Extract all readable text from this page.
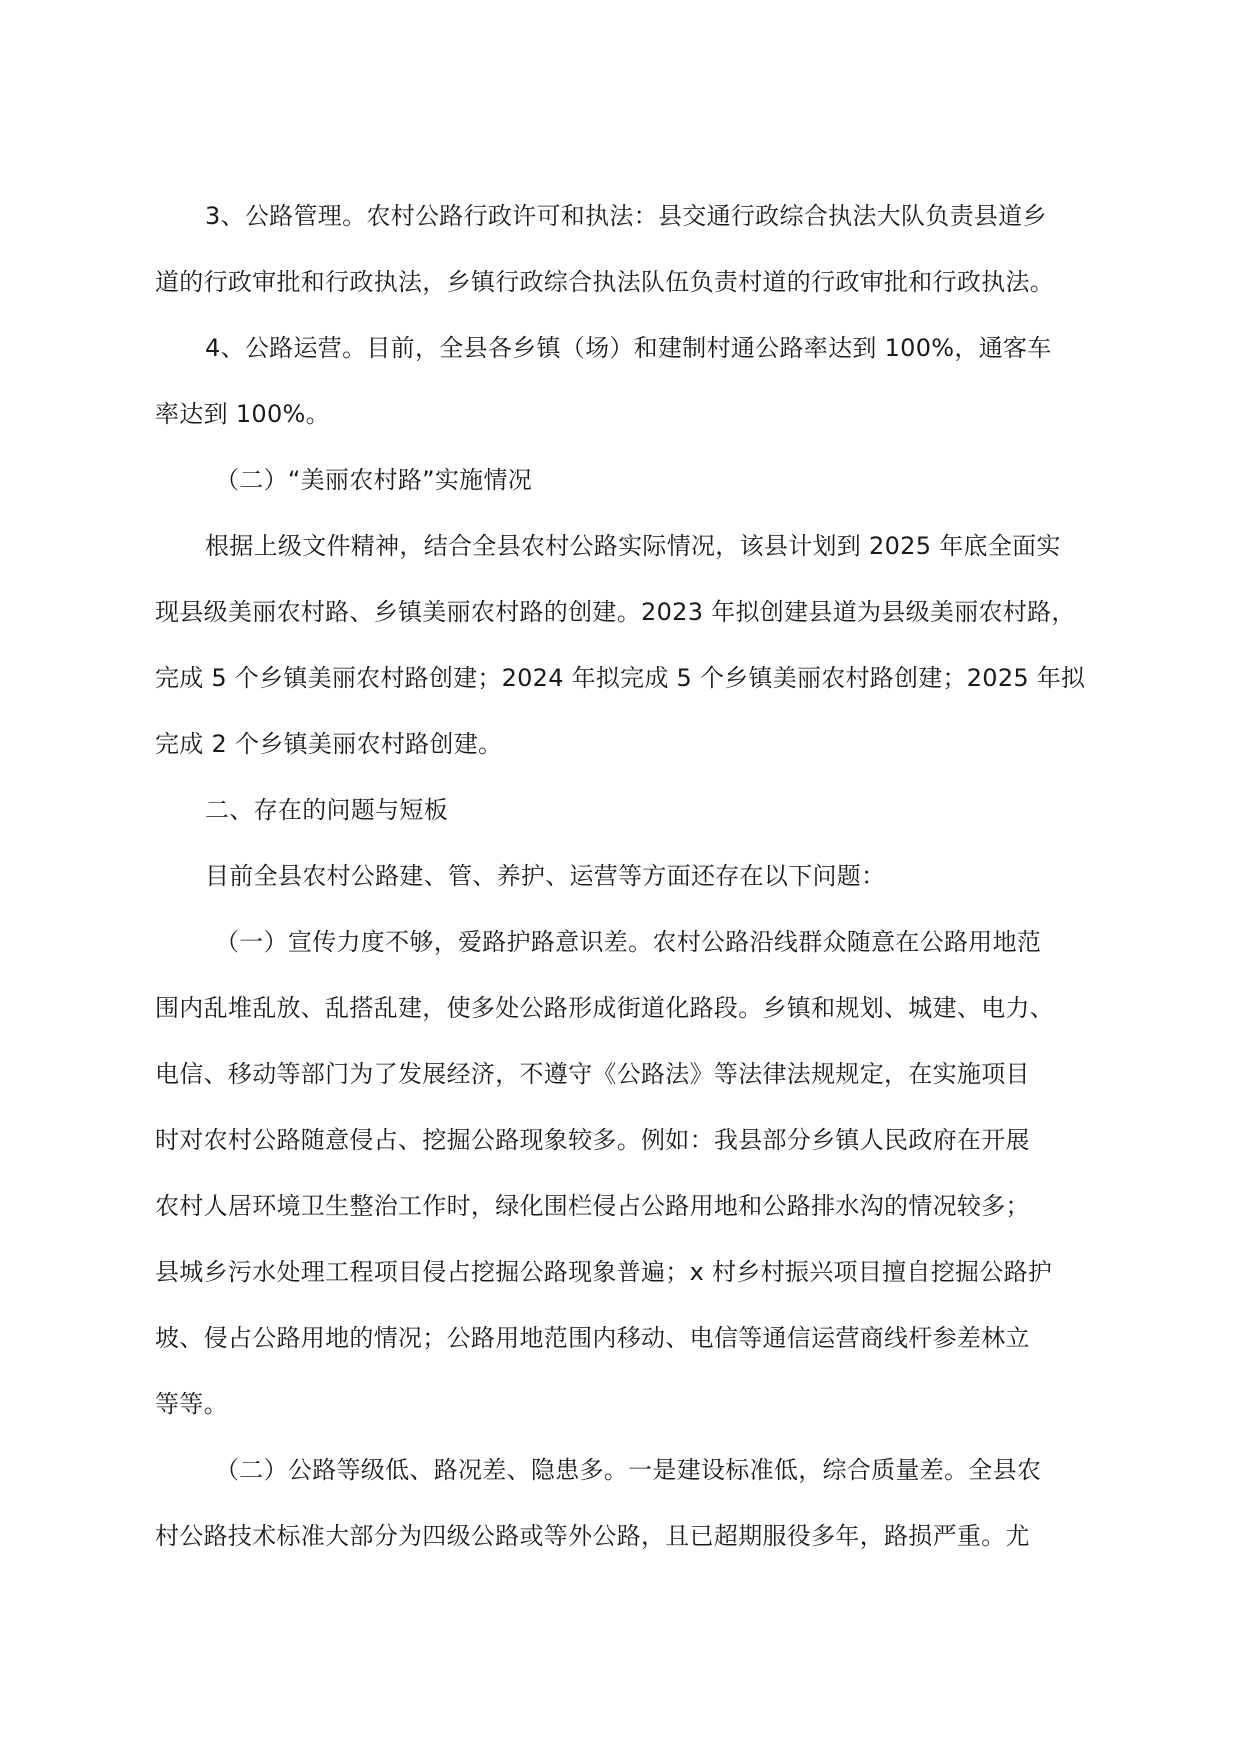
3、公路管理。农村公路行政许可和执法：县交通行政综合执法大队负责县道乡
道的行政审批和行政执法，乡镇行政综合执法队伍负责村道的行政审批和行政执法。
4、公路运营。目前，全县各乡镇（场）和建制村通公路率达到 100%，通客车
率达到 100%。
（二）“美丽农村路”实施情况
根据上级文件精神，结合全县农村公路实际情况，该县计划到 2025 年底全面实
现县级美丽农村路、乡镇美丽农村路的创建。2023 年拟创建县道为县级美丽农村路，
完成 5 个乡镇美丽农村路创建；2024 年拟完成 5 个乡镇美丽农村路创建；2025 年拟
完成 2 个乡镇美丽农村路创建。
二、存在的问题与短板
目前全县农村公路建、管、养护、运营等方面还存在以下问题：
（一）宣传力度不够，爱路护路意识差。农村公路沿线群众随意在公路用地范
围内乱堆乱放、乱搭乱建，使多处公路形成街道化路段。乡镇和规划、城建、电力、
电信、移动等部门为了发展经济，不遵守《公路法》等法律法规规定，在实施项目
时对农村公路随意侵占、挖掘公路现象较多。例如：我县部分乡镇人民政府在开展
农村人居环境卫生整治工作时，绿化围栏侵占公路用地和公路排水沟的情况较多；
县城乡污水处理工程项目侵占挖掘公路现象普遍；x 村乡村振兴项目擅自挖掘公路护
坡、侵占公路用地的情况；公路用地范围内移动、电信等通信运营商线杆参差林立
等等。
（二）公路等级低、路况差、隐患多。一是建设标准低，综合质量差。全县农
村公路技术标准大部分为四级公路或等外公路，且已超期服役多年，路损严重。尤
